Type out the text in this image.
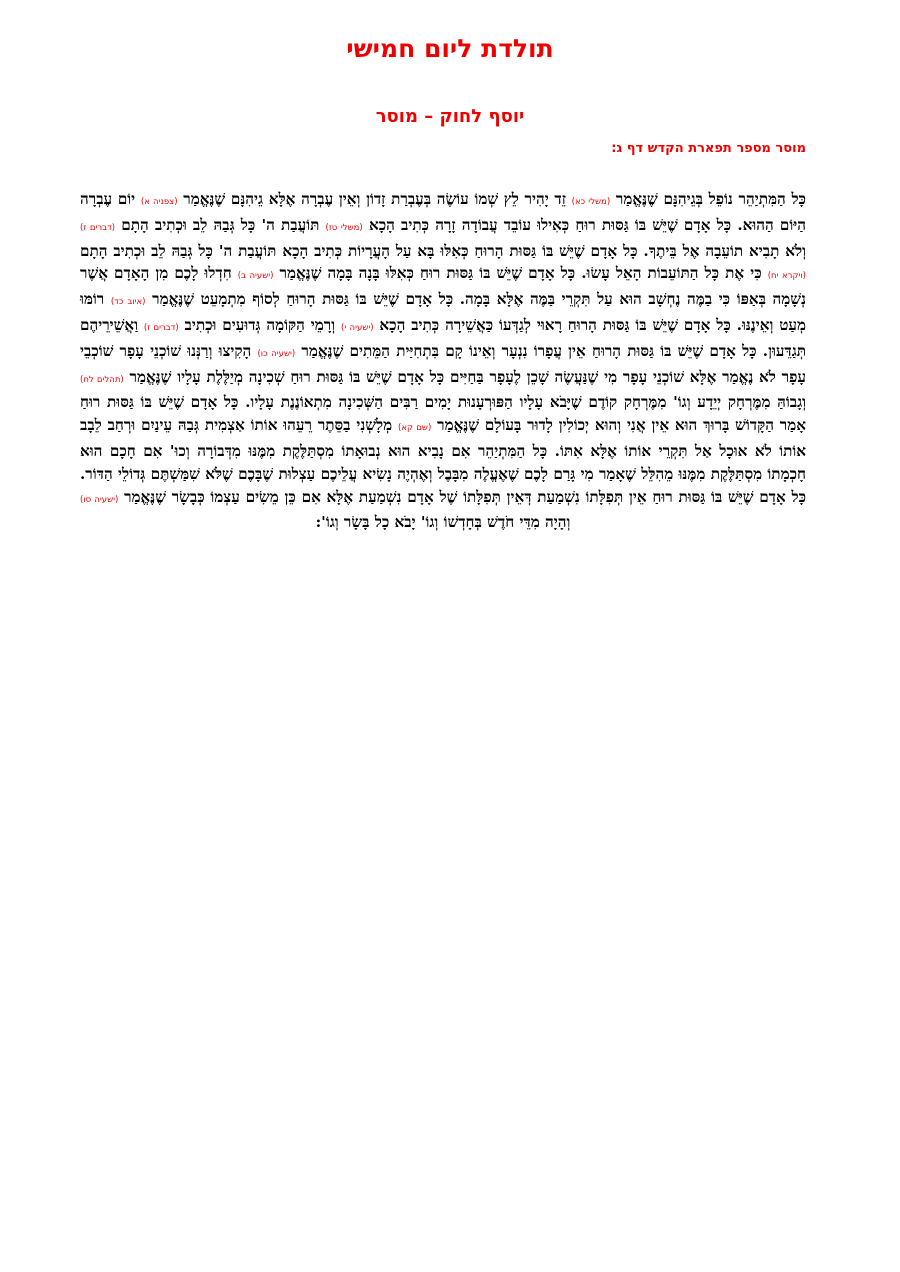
תולדת ליום חמישי
יוסף לחוק – מוסר
מוסר מספר תפארת הקדש דף ג:

כָּל הַמִּתְיַהֵר נוֹפֵל בְּגֵיהִנָּם שֶׁנֶּאֱמַר (משלי כא) זֵד יָהִיר לֵץ שְׁמוֹ עוֹשֶׂה בְּעֶבְרַת זָדוֹן וְאֵין עֶבְרָה אֶלָּא גֵיהִנָּם שֶׁנֶּאֱמַר (צפניה א) יוֹם עֶבְרָה הַיּוֹם הַהוּא. כָּל אָדָם שֶׁיֵּשׁ בּוֹ גַּסּוּת רוּחַ כְּאִילוּ עוֹבֵד עֲבוֹדָה זָרָה כְּתִיב הָכָא (משלי טז) תּוֹעֲבַת ה' כָּל גְּבַהּ לֵב וּכְתִיב הָתָם (דברים ז) וְלֹא תָבִיא תוֹעֵבָה אֶל בֵּיתֶךָ. כָּל אָדָם שֶׁיֵּשׁ בּוֹ גַּסּוּת הָרוּחַ כְּאִלּוּ בָּא עַל הָעֲרָיוֹת כְּתִיב הָכָא תּוֹעֲבַת ה' כָּל גְּבַהּ לֵב וּכְתִיב הָתָם (ויקרא יח) כִּי אֶת כָּל הַתּוֹעֵבוֹת הָאֵל עָשׂוּ. כָּל אָדָם שֶׁיֵּשׁ בּוֹ גַּסּוּת רוּחַ כְּאִלּוּ בָּנָה בָּמָה שֶׁנֶּאֱמַר (ישעיה ב) חִדְלוּ לָכֶם מִן הָאָדָם אֲשֶׁר נְשָׁמָה בְּאַפּוֹ כִּי בַמֶּה נֶחְשָׁב הוּא עַל תִּקְרֵי בַּמֶּה אֶלָּא בָּמָה. כָּל אָדָם שֶׁיֵּשׁ בּוֹ גַּסּוּת הָרוּחַ לְסוֹף מִתְמָעֵט שֶׁנֶּאֱמַר (איוב כד) רוֹמּוּ מְעַט וְאֵינֶנּוּ. כָּל אָדָם שֶׁיֵּשׁ בּוֹ גַּסּוּת הָרוּחַ רָאוּי לְגַדְּעוֹ כַּאֲשֵׁירָה כְּתִיב הָכָא (ישעיה י) וְרָמֵי הַקּוֹמָה גְּדוּעִים וּכְתִיב (דברים ז) וַאֲשֵׁירֵיהֶם תְּגַדֵּעוּן. כָּל אָדָם שֶׁיֵּשׁ בּוֹ גַּסּוּת הָרוּחַ אֵין עֲפָרוֹ נִנְעָר וְאֵינוֹ קָם בִּתְחִיַּית הַמֵּתִים שֶׁנֶּאֱמַר (ישעיה כו) הָקִיצוּ וְרַנְּנוּ שׁוֹכְנֵי עָפָר שׁוֹכְבֵי עָפָר לֹא נֶאֱמַר אֶלָּא שׁוֹכְנֵי עָפָר מִי שֶׁנַּעֲשֶׂה שָׁכֵן לֶעָפָר בַּחַיִּים כָּל אָדָם שֶׁיֵּשׁ בּוֹ גַּסּוּת רוּחַ שְׁכִינָה מְיַלֶּלֶת עָלָיו שֶׁנֶּאֱמַר (תהלים לח) וְגָבוֹהַּ מִמֶּרְחָק יְיֵדָע וְגוֹ' מִמֶּרְחָק קוֹדֶם שֶׁיָּבֹא עָלָיו הַפּוּרְעָנוּת יָמִים רַבִּים הַשְּׁכִינָה מִתְאוֹנֶנֶת עָלָיו. כָּל אָדָם שֶׁיֵּשׁ בּוֹ גַּסּוּת רוּחַ אָמַר הַקָּדוֹשׁ בָּרוּךְ הוּא אֵין אֲנִי וְהוּא יְכוֹלִין לָדוּר בָּעוֹלָם שֶׁנֶּאֱמַר (שם קא) מְלָשְׁנִי בַסֵּתֶר רֵעֵהוּ אוֹתוֹ אַצְמִית גְּבַהּ עֵינַיִם וּרְחַב לֵבָב אוֹתוֹ לֹא אוּכָל אַל תִּקְרֵי אוֹתוֹ אֶלָּא אִתּוֹ. כָּל הַמִּתְיַהֵר אִם נָבִיא הוּא נְבוּאָתוֹ מִסְתַּלֶּקֶת מִמֶּנּוּ מִדְּבוֹרָה וְכוּ' אִם חָכָם הוּא חָכְמָתוֹ מִסְתַּלֶּקֶת מִמֶּנּוּ מֵהִלֵּל שֶׁאָמַר מִי גָּרַם לָכֶם שֶׁאֶעֱלֶה מִבָּבֶל וְאֶהְיֶה נָשִׂיא עֲלֵיכֶם עַצְלוּת שֶׁבָּכֶם שֶׁלֹּא שִׁמַּשְׁתֶּם גְּדוֹלֵי הַדּוֹר. כָּל אָדָם שֶׁיֵּשׁ בּוֹ גַּסּוּת רוּחַ אֵין תְּפִלָּתוֹ נִשְׁמַעַת דְּאֵין תְּפִלָּתוֹ שֶׁל אָדָם נִשְׁמַעַת אֶלָּא אִם כֵּן מֵשִׂים עַצְמוֹ כְּבָשָׂר שֶׁנֶּאֱמַר (ישעיה סו) וְהָיָה מִדֵּי חֹדֶשׁ בְּחָדְשׁוֹ וְגוֹ' יָבֹא כָל בָּשָׂר וְגוֹ':
